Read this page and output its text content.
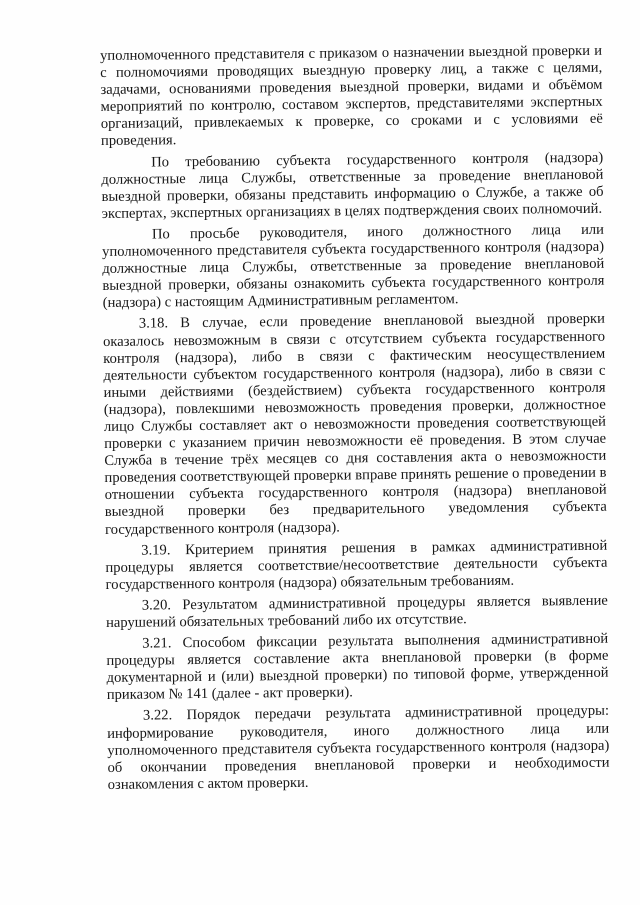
уполномоченного представителя с приказом о назначении выездной проверки и с полномочиями проводящих выездную проверку лиц, а также с целями, задачами, основаниями проведения выездной проверки, видами и объёмом мероприятий по контролю, составом экспертов, представителями экспертных организаций, привлекаемых к проверке, со сроками и с условиями её проведения.

По требованию субъекта государственного контроля (надзора) должностные лица Службы, ответственные за проведение внеплановой выездной проверки, обязаны представить информацию о Службе, а также об экспертах, экспертных организациях в целях подтверждения своих полномочий.

По просьбе руководителя, иного должностного лица или уполномоченного представителя субъекта государственного контроля (надзора) должностные лица Службы, ответственные за проведение внеплановой выездной проверки, обязаны ознакомить субъекта государственного контроля (надзора) с настоящим Административным регламентом.

3.18. В случае, если проведение внеплановой выездной проверки оказалось невозможным в связи с отсутствием субъекта государственного контроля (надзора), либо в связи с фактическим неосуществлением деятельности субъектом государственного контроля (надзора), либо в связи с иными действиями (бездействием) субъекта государственного контроля (надзора), повлекшими невозможность проведения проверки, должностное лицо Службы составляет акт о невозможности проведения соответствующей проверки с указанием причин невозможности её проведения. В этом случае Служба в течение трёх месяцев со дня составления акта о невозможности проведения соответствующей проверки вправе принять решение о проведении в отношении субъекта государственного контроля (надзора) внеплановой выездной проверки без предварительного уведомления субъекта государственного контроля (надзора).

3.19. Критерием принятия решения в рамках административной процедуры является соответствие/несоответствие деятельности субъекта государственного контроля (надзора) обязательным требованиям.

3.20. Результатом административной процедуры является выявление нарушений обязательных требований либо их отсутствие.

3.21. Способом фиксации результата выполнения административной процедуры является составление акта внеплановой проверки (в форме документарной и (или) выездной проверки) по типовой форме, утвержденной приказом № 141 (далее - акт проверки).

3.22. Порядок передачи результата административной процедуры: информирование руководителя, иного должностного лица или уполномоченного представителя субъекта государственного контроля (надзора) об окончании проведения внеплановой проверки и необходимости ознакомления с актом проверки.
